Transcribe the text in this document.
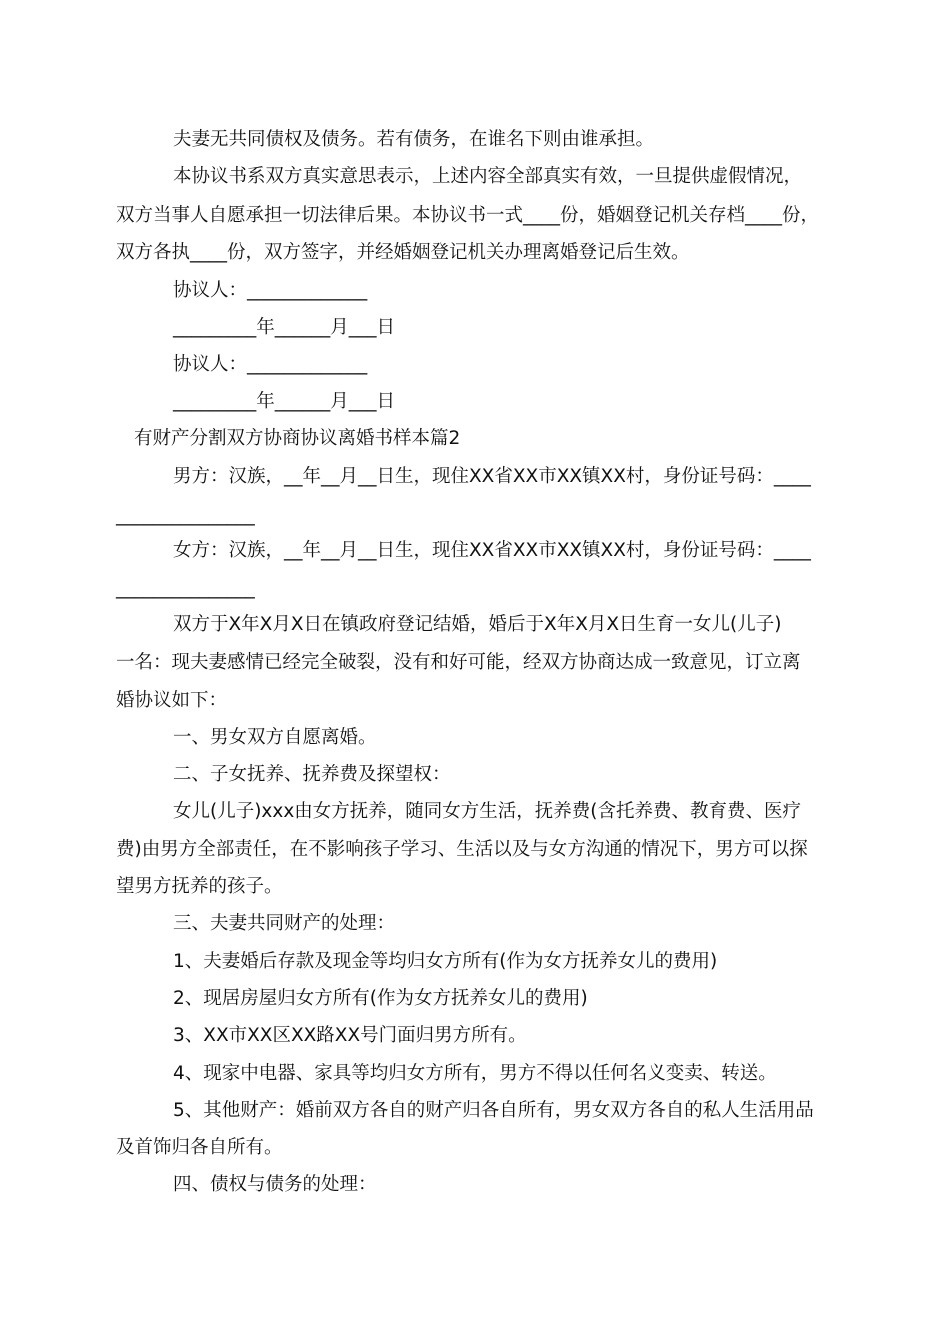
夫妻无共同债权及债务。若有债务，在谁名下则由谁承担。
本协议书系双方真实意思表示，上述内容全部真实有效，一旦提供虚假情况，
双方当事人自愿承担一切法律后果。本协议书一式____份，婚姻登记机关存档____份，
双方各执____份，双方签字，并经婚姻登记机关办理离婚登记后生效。
协议人：_____________
_________年______月___日
协议人：_____________
_________年______月___日
有财产分割双方协商协议离婚书样本篇2
男方：汉族，__年__月__日生，现住XX省XX市XX镇XX村，身份证号码：____
_______________
女方：汉族，__年__月__日生，现住XX省XX市XX镇XX村，身份证号码：____
_______________
双方于X年X月X日在镇政府登记结婚，婚后于X年X月X日生育一女儿(儿子)
一名：现夫妻感情已经完全破裂，没有和好可能，经双方协商达成一致意见，订立离
婚协议如下：
一、男女双方自愿离婚。
二、子女抚养、抚养费及探望权：
女儿(儿子)xxx由女方抚养，随同女方生活，抚养费(含托养费、教育费、医疗
费)由男方全部责任，在不影响孩子学习、生活以及与女方沟通的情况下，男方可以探
望男方抚养的孩子。
三、夫妻共同财产的处理：
1、夫妻婚后存款及现金等均归女方所有(作为女方抚养女儿的费用)
2、现居房屋归女方所有(作为女方抚养女儿的费用)
3、XX市XX区XX路XX号门面归男方所有。
4、现家中电器、家具等均归女方所有，男方不得以任何名义变卖、转送。
5、其他财产：婚前双方各自的财产归各自所有，男女双方各自的私人生活用品
及首饰归各自所有。
四、债权与债务的处理：
